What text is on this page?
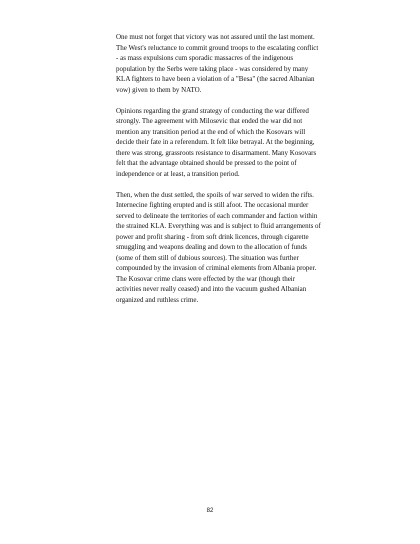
One must not forget that victory was not assured until the last moment. The West's reluctance to commit ground troops to the escalating conflict - as mass expulsions cum sporadic massacres of the indigenous population by the Serbs were taking place - was considered by many KLA fighters to have been a violation of a "Besa" (the sacred Albanian vow) given to them by NATO.

Opinions regarding the grand strategy of conducting the war differed strongly. The agreement with Milosevic that ended the war did not mention any transition period at the end of which the Kosovars will decide their fate in a referendum. It felt like betrayal. At the beginning, there was strong, grassroots resistance to disarmament. Many Kosovars felt that the advantage obtained should be pressed to the point of independence or at least, a transition period.

Then, when the dust settled, the spoils of war served to widen the rifts. Internecine fighting erupted and is still afoot. The occasional murder served to delineate the territories of each commander and faction within the strained KLA. Everything was and is subject to fluid arrangements of power and profit sharing - from soft drink licences, through cigarette smuggling and weapons dealing and down to the allocation of funds (some of them still of dubious sources). The situation was further compounded by the invasion of criminal elements from Albania proper. The Kosovar crime clans were effected by the war (though their activities never really ceased) and into the vacuum gushed Albanian organized and ruthless crime.

82
